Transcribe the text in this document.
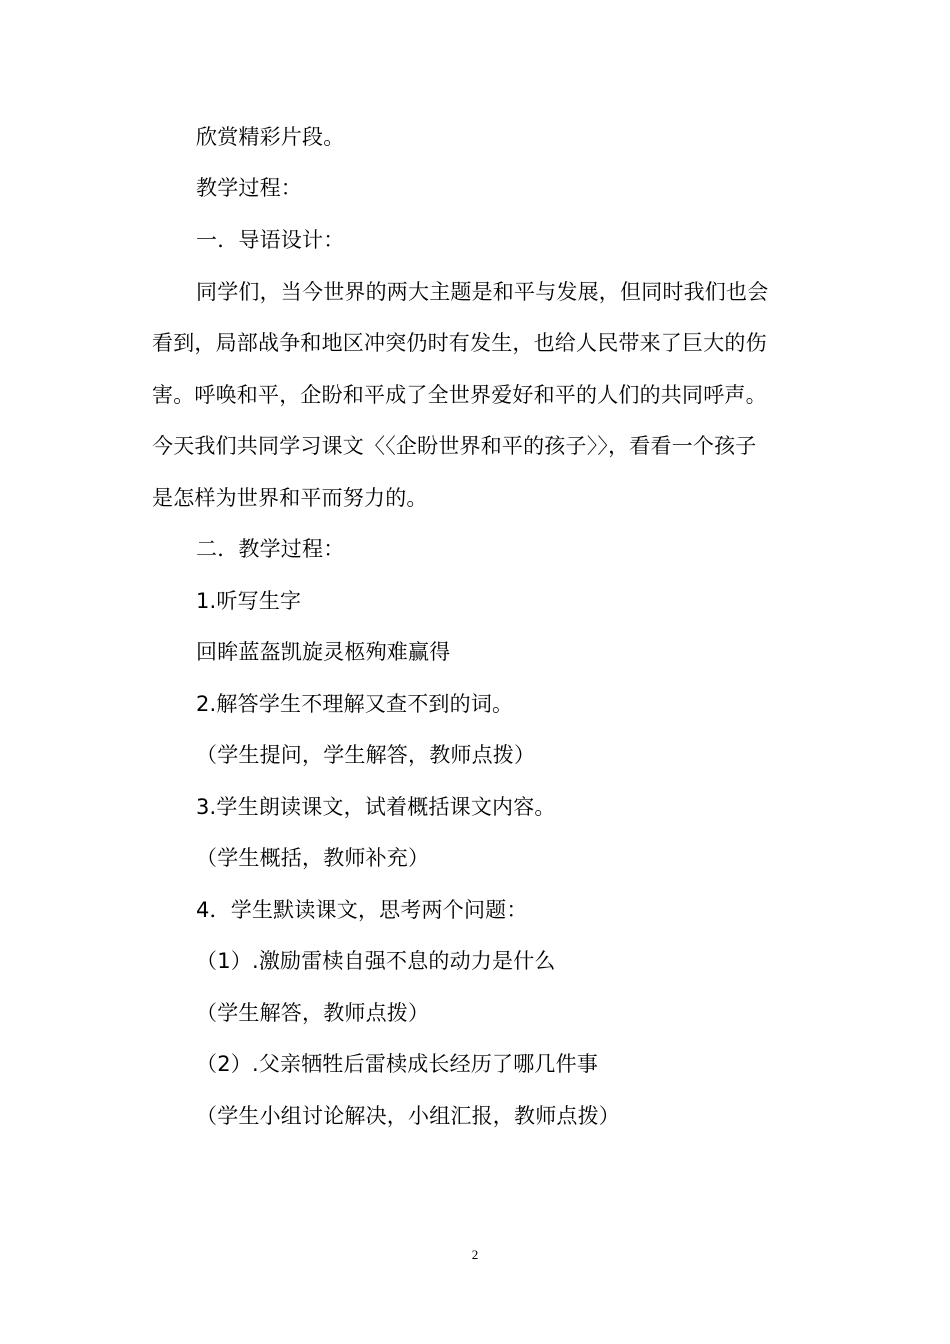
欣赏精彩片段。
教学过程：
一．导语设计：
同学们，当今世界的两大主题是和平与发展，但同时我们也会
看到，局部战争和地区冲突仍时有发生，也给人民带来了巨大的伤
害。呼唤和平，企盼和平成了全世界爱好和平的人们的共同呼声。
今天我们共同学习课文〈〈企盼世界和平的孩子〉〉，看看一个孩子
是怎样为世界和平而努力的。
二．教学过程：
1.听写生字
回眸蓝盔凯旋灵柩殉难赢得
2.解答学生不理解又查不到的词。
（学生提问，学生解答，教师点拨）
3.学生朗读课文，试着概括课文内容。
（学生概括，教师补充）
4．学生默读课文，思考两个问题：
（1）.激励雷椟自强不息的动力是什么
（学生解答，教师点拨）
（2）.父亲牺牲后雷椟成长经历了哪几件事
（学生小组讨论解决，小组汇报，教师点拨）
2
